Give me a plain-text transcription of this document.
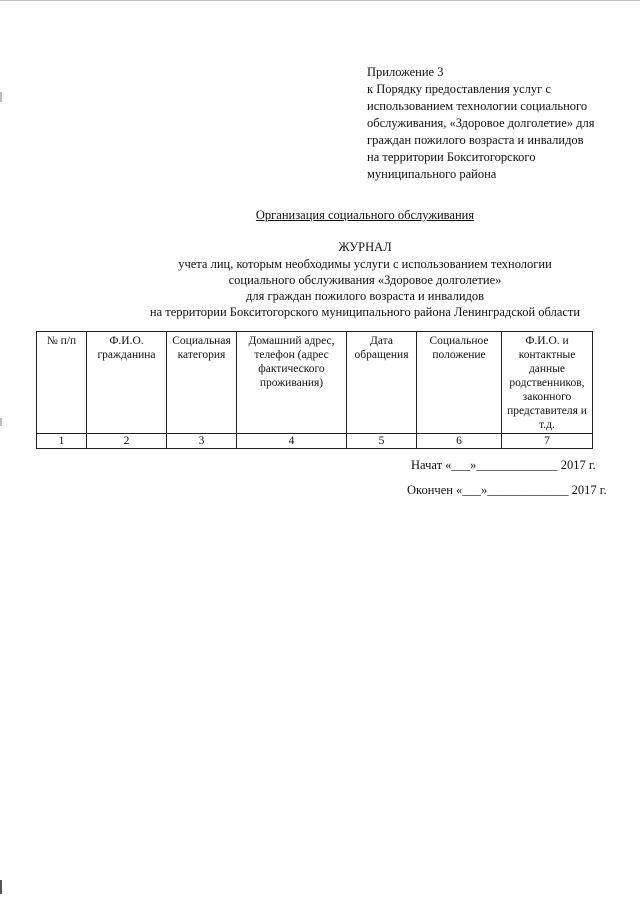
Приложение 3
к Порядку предоставления услуг с
использованием технологии социального
обслуживания, «Здоровое долголетие» для
граждан пожилого возраста и инвалидов
на территории Бокситогорского
муниципального района
Организация социального обслуживания
ЖУРНАЛ
учета лиц, которым необходимы услуги с использованием технологии
социального обслуживания «Здоровое долголетие»
для граждан пожилого возраста и инвалидов
на территории Бокситогорского муниципального района Ленинградской области
№ п/п	Ф.И.О. гражданина	Социальная категория	Домашний адрес, телефон (адрес фактического проживания)	Дата обращения	Социальное положение	Ф.И.О. и контактные данные родственников, законного представителя и т.д.
1	2	3	4	5	6	7
Начат «___»_____________ 2017 г.
Окончен «___»_____________ 2017 г.
